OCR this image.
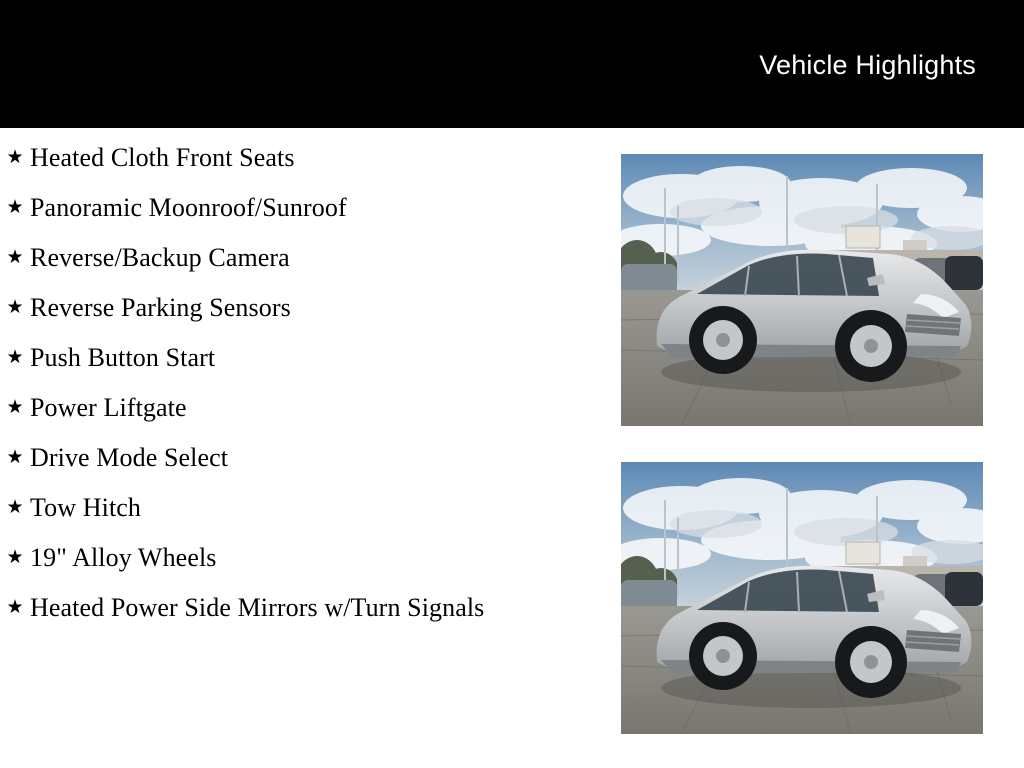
Vehicle Highlights
★ Heated Cloth Front Seats
★ Panoramic Moonroof/Sunroof
★ Reverse/Backup Camera
★ Reverse Parking Sensors
★ Push Button Start
★ Power Liftgate
★ Drive Mode Select
★ Tow Hitch
★ 19" Alloy Wheels
★ Heated Power Side Mirrors w/Turn Signals
